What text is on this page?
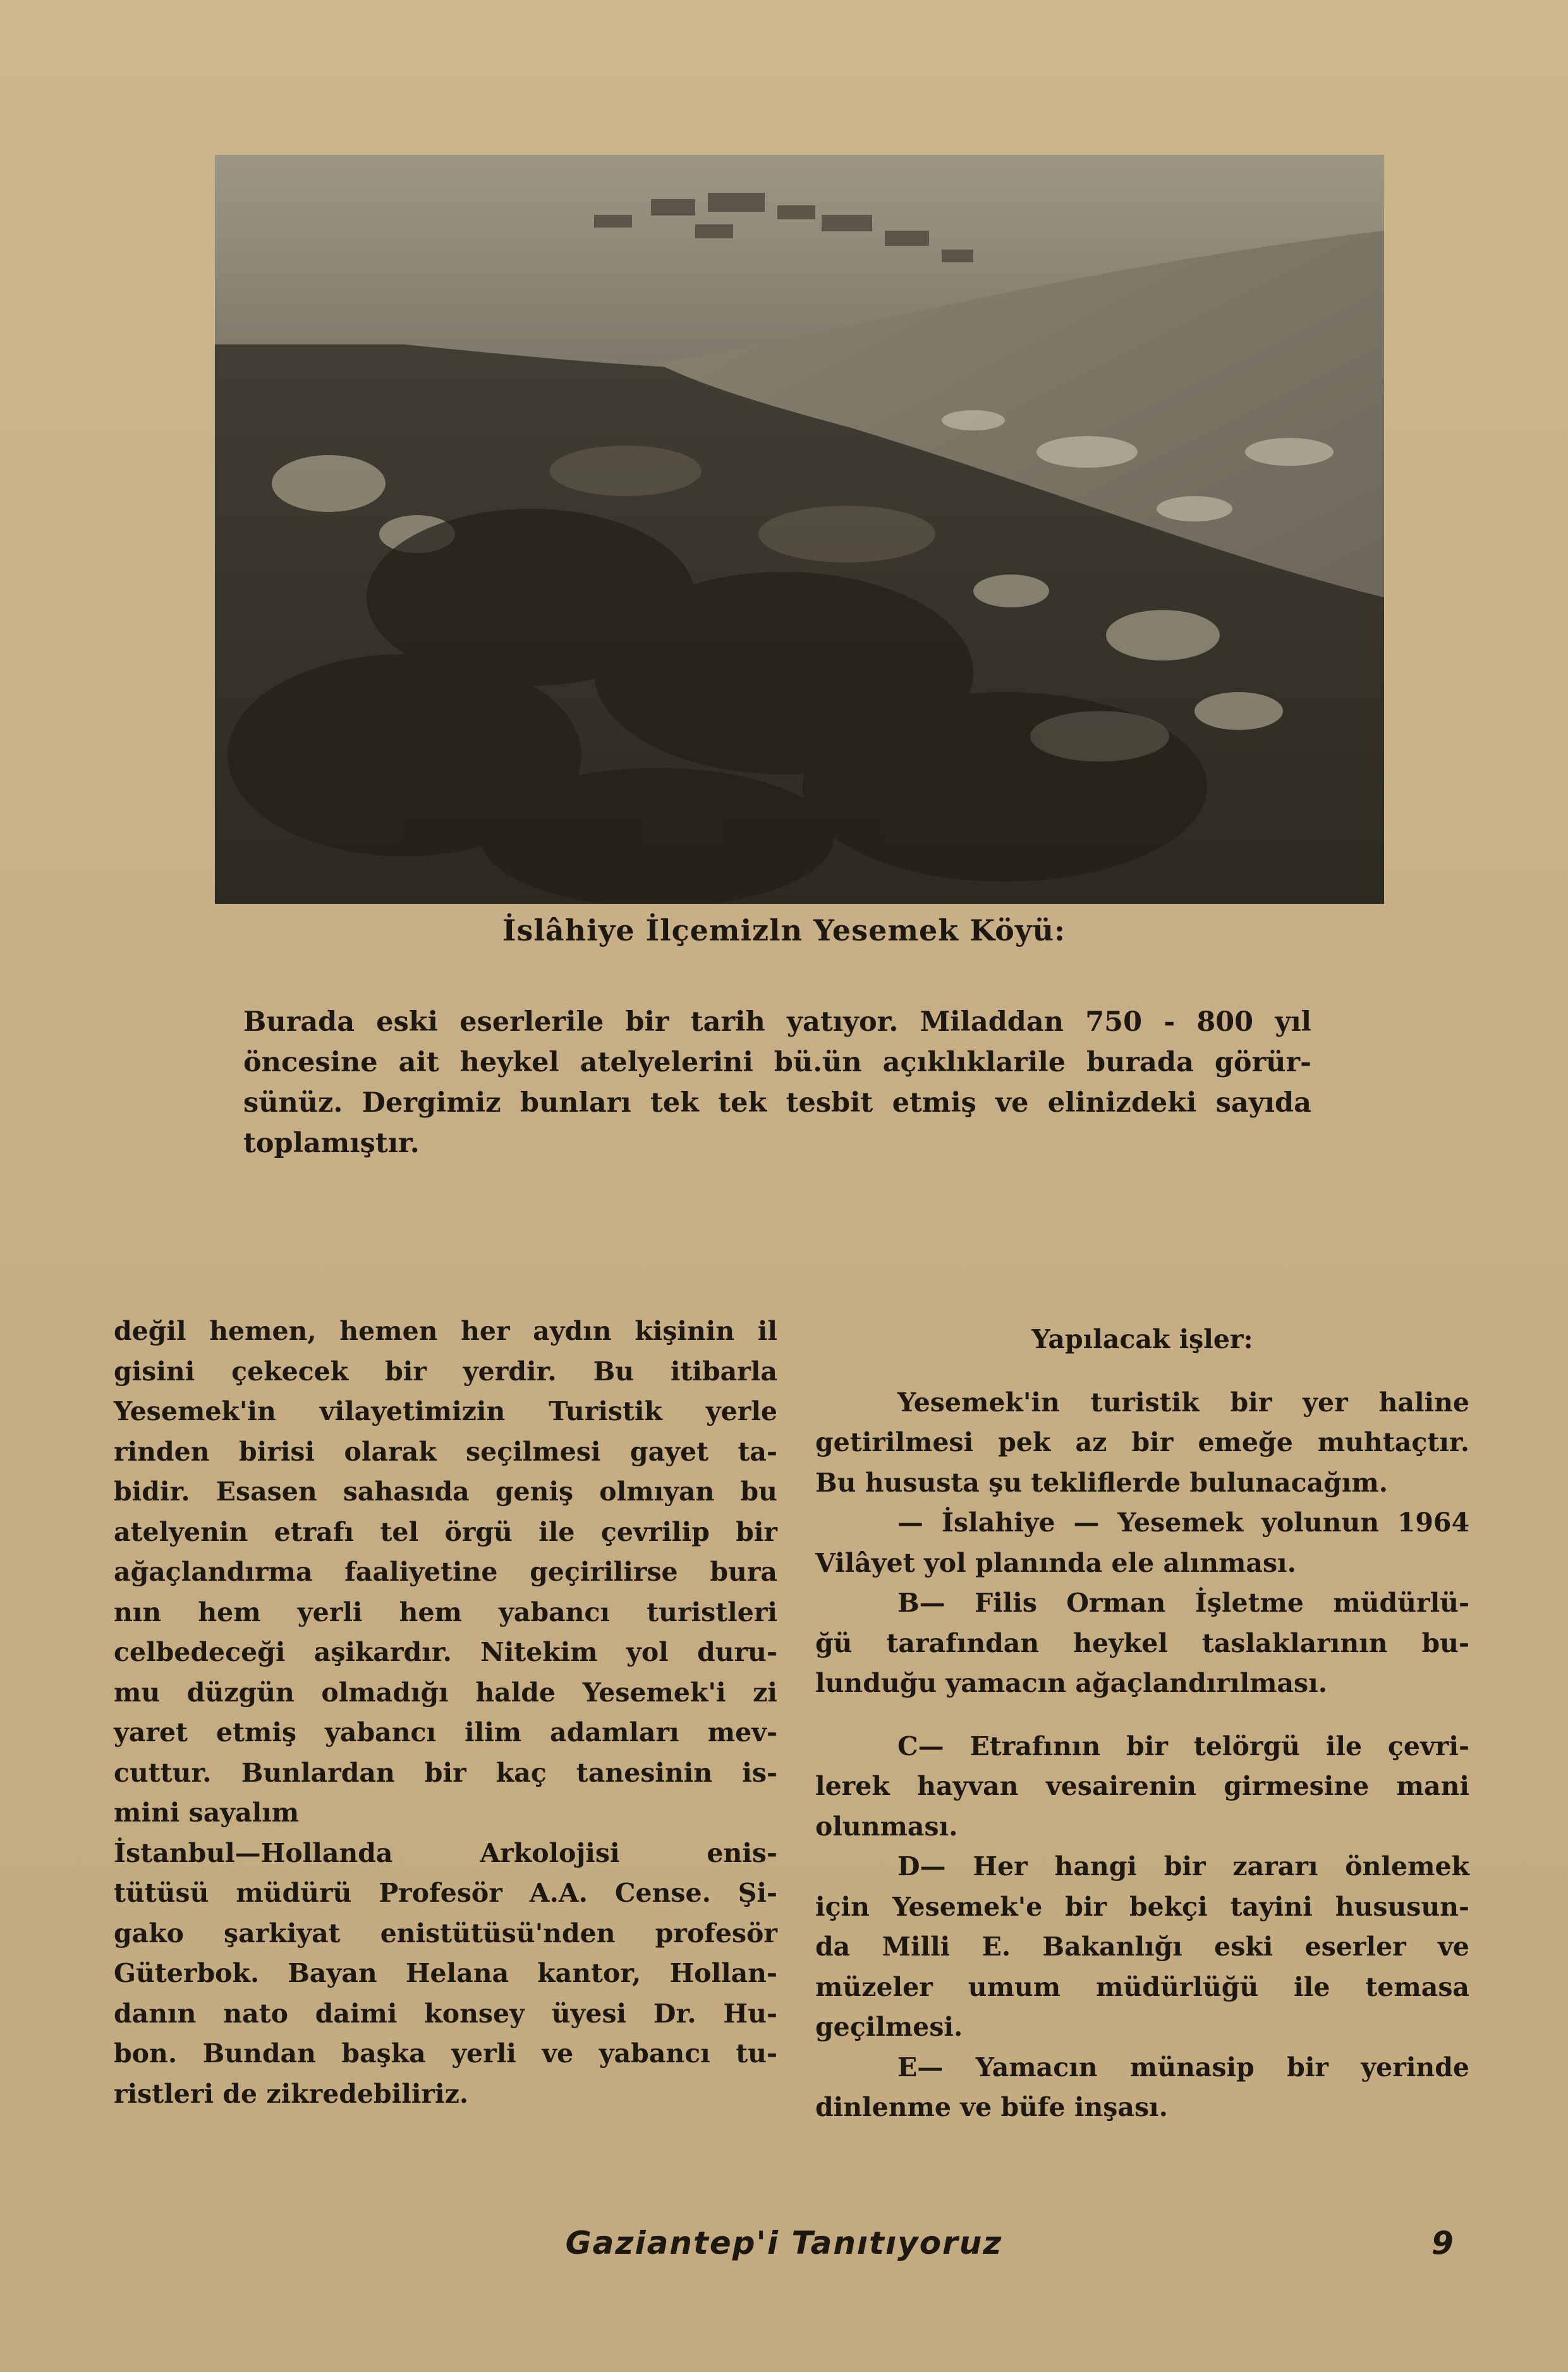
İslâhiye İlçemizln Yesemek Köyü:
Burada eski eserlerile bir tarih yatıyor. Miladdan 750 - 800 yıl
öncesine ait heykel atelyelerini bü.ün açıklıklarile burada görür-
sünüz. Dergimiz bunları tek tek tesbit etmiş ve elinizdeki sayıda
toplamıştır.
değil hemen, hemen her aydın kişinin il
gisini çekecek bir yerdir. Bu itibarla
Yesemek'in vilayetimizin Turistik yerle
rinden birisi olarak seçilmesi gayet ta-
bidir. Esasen sahasıda geniş olmıyan bu
atelyenin etrafı tel örgü ile çevrilip bir
ağaçlandırma faaliyetine geçirilirse bura
nın hem yerli hem yabancı turistleri
celbedeceği aşikardır. Nitekim yol duru-
mu düzgün olmadığı halde Yesemek'i zi
yaret etmiş yabancı ilim adamları mev-
cuttur. Bunlardan bir kaç tanesinin is-
mini sayalım
İstanbul—Hollanda Arkolojisi enis-
tütüsü müdürü Profesör A.A. Cense. Şi-
gako şarkiyat enistütüsü'nden profesör
Güterbok. Bayan Helana kantor, Hollan-
danın nato daimi konsey üyesi Dr. Hu-
bon. Bundan başka yerli ve yabancı tu-
ristleri de zikredebiliriz.
Yapılacak işler:
Yesemek'in turistik bir yer haline
getirilmesi pek az bir emeğe muhtaçtır.
Bu hususta şu tekliflerde bulunacağım.
— İslahiye — Yesemek yolunun 1964
Vilâyet yol planında ele alınması.
B— Filis Orman İşletme müdürlü-
ğü tarafından heykel taslaklarının bu-
lunduğu yamacın ağaçlandırılması.
C— Etrafının bir telörgü ile çevri-
lerek hayvan vesairenin girmesine mani
olunması.
D— Her hangi bir zararı önlemek
için Yesemek'e bir bekçi tayini hususun-
da Milli E. Bakanlığı eski eserler ve
müzeler umum müdürlüğü ile temasa
geçilmesi.
E— Yamacın münasip bir yerinde
dinlenme ve büfe inşası.
Gaziantep'i Tanıtıyoruz	9
